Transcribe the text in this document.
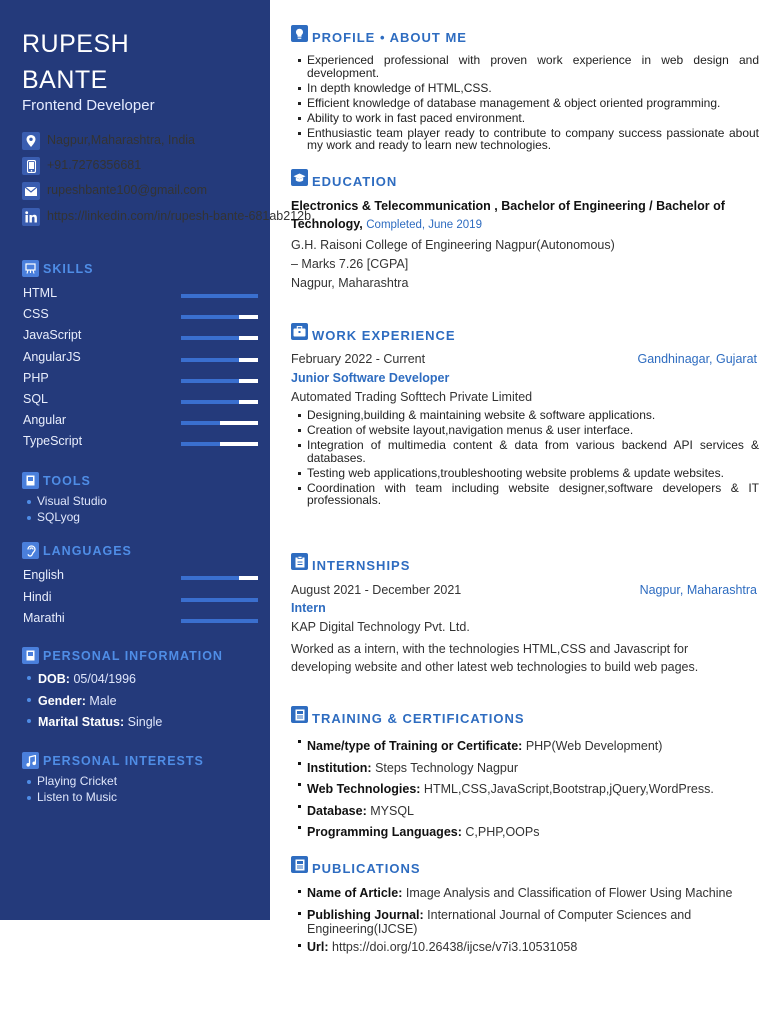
RUPESH
BANTE
Frontend Developer
Nagpur,Maharashtra, India
+91.7276356681
rupeshbante100@gmail.com
https://linkedin.com/in/rupesh-bante-681ab212b
SKILLS
HTML
CSS
JavaScript
AngularJS
PHP
SQL
Angular
TypeScript
TOOLS
Visual Studio
SQLyog
LANGUAGES
English
Hindi
Marathi
PERSONAL INFORMATION
DOB: 05/04/1996
Gender: Male
Marital Status: Single
PERSONAL INTERESTS
Playing Cricket
Listen to Music
PROFILE • ABOUT ME
Experienced professional with proven work experience in web design and development.
In depth knowledge of HTML,CSS.
Efficient knowledge of database management & object oriented programming.
Ability to work in fast paced environment.
Enthusiastic team player ready to contribute to company success passionate about my work and ready to learn new technologies.
EDUCATION
Electronics & Telecommunication , Bachelor of Engineering / Bachelor of
Technology, Completed, June 2019
G.H. Raisoni College of Engineering Nagpur(Autonomous)
– Marks 7.26 [CGPA]
Nagpur, Maharashtra
WORK EXPERIENCE
February 2022 - Current	Gandhinagar, Gujarat
Junior Software Developer
Automated Trading Softtech Private Limited
Designing,building & maintaining website & software applications.
Creation of website layout,navigation menus & user interface.
Integration of multimedia content & data from various backend API services & databases.
Testing web applications,troubleshooting website problems & update websites.
Coordination with team including website designer,software developers & IT professionals.
INTERNSHIPS
August 2021 - December 2021	Nagpur, Maharashtra
Intern
KAP Digital Technology Pvt. Ltd.
Worked as a intern, with the technologies HTML,CSS and Javascript for
developing website and other latest web technologies to build web pages.
TRAINING & CERTIFICATIONS
Name/type of Training or Certificate: PHP(Web Development)
Institution: Steps Technology Nagpur
Web Technologies: HTML,CSS,JavaScript,Bootstrap,jQuery,WordPress.
Database: MYSQL
Programming Languages: C,PHP,OOPs
PUBLICATIONS
Name of Article: Image Analysis and Classification of Flower Using Machine
Publishing Journal: International Journal of Computer Sciences and Engineering(IJCSE)
Url: https://doi.org/10.26438/ijcse/v7i3.10531058
